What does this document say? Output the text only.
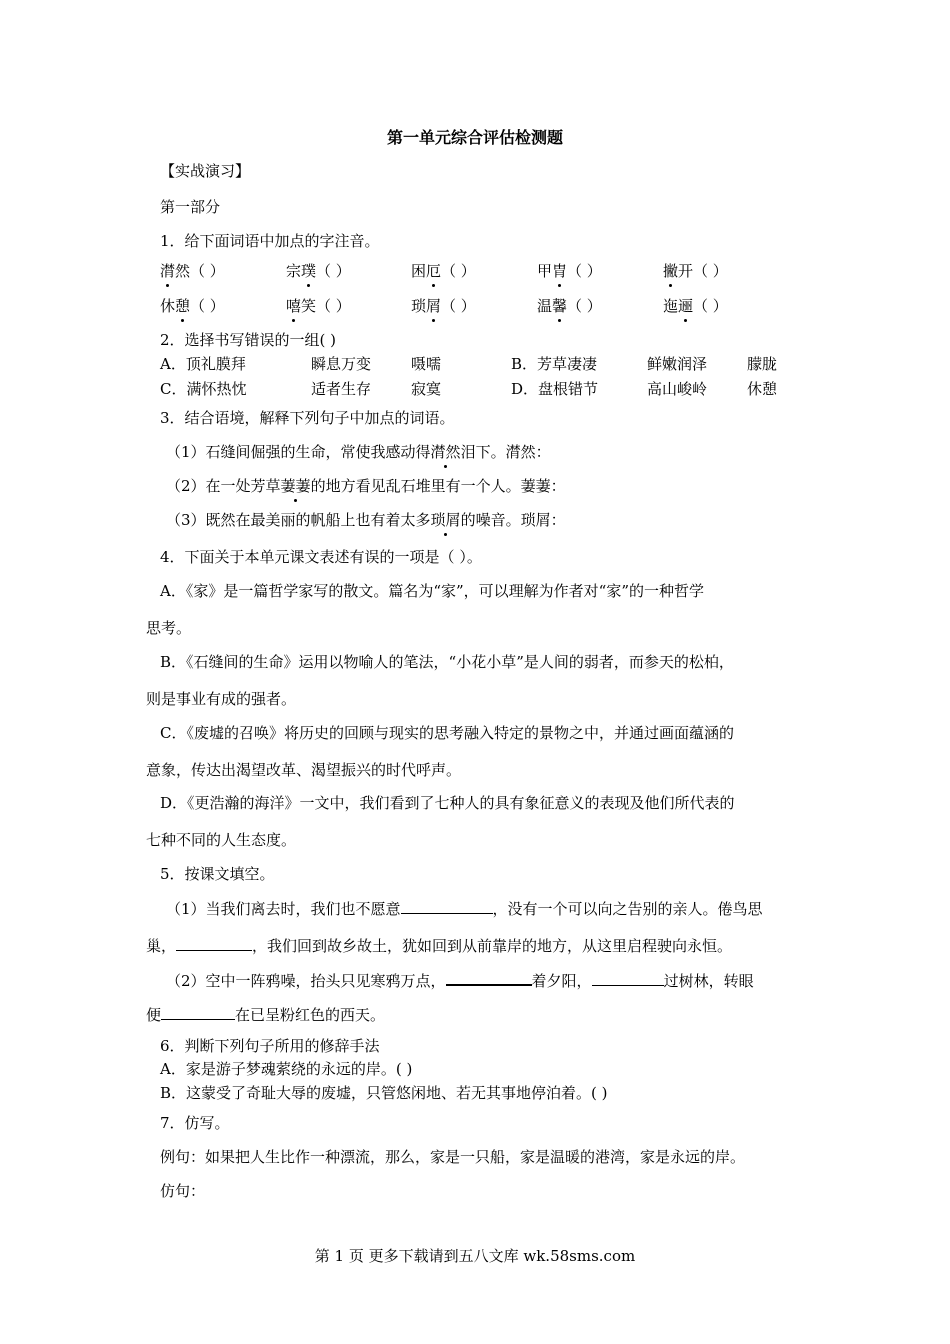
第一单元综合评估检测题
【实战演习】
第一部分
1．给下面词语中加点的字注音。
潸然（ ）	宗璞（ ）	困厄（ ）	甲胄（ ）	撇开（ ）
休憩（ ）	嘻笑（ ）	琐屑（ ）	温馨（ ）	迤逦（ ）
2．选择书写错误的一组( )
A．顶礼膜拜	瞬息万变	嗫嚅	B．芳草凄凄	鲜嫩润泽	朦胧
C．满怀热忱	适者生存	寂寞	D．盘根错节	高山峻岭	休憩
3．结合语境，解释下列句子中加点的词语。
（1）石缝间倔强的生命，常使我感动得潸然泪下。潸然：
（2）在一处芳草萋萋的地方看见乱石堆里有一个人。萋萋：
（3）既然在最美丽的帆船上也有着太多琐屑的噪音。琐屑：
4．下面关于本单元课文表述有误的一项是（ ）。
A．《家》是一篇哲学家写的散文。篇名为“家”，可以理解为作者对“家”的一种哲学
思考。
B．《石缝间的生命》运用以物喻人的笔法，“小花小草”是人间的弱者，而参天的松柏，
则是事业有成的强者。
C．《废墟的召唤》将历史的回顾与现实的思考融入特定的景物之中，并通过画面蕴涵的
意象，传达出渴望改革、渴望振兴的时代呼声。
D．《更浩瀚的海洋》一文中，我们看到了七种人的具有象征意义的表现及他们所代表的
七种不同的人生态度。
5．按课文填空。
（1）当我们离去时，我们也不愿意	，没有一个可以向之告别的亲人。倦鸟思
巢，	，我们回到故乡故土，犹如回到从前靠岸的地方，从这里启程驶向永恒。
（2）空中一阵鸦噪，抬头只见寒鸦万点，	着夕阳，	过树林，转眼
便	在已呈粉红色的西天。
6．判断下列句子所用的修辞手法
A．家是游子梦魂萦绕的永远的岸。( )
B．这蒙受了奇耻大辱的废墟，只管悠闲地、若无其事地停泊着。( )
7．仿写。
例句：如果把人生比作一种漂流，那么，家是一只船，家是温暖的港湾，家是永远的岸。
仿句：
第 1 页 更多下载请到五八文库 wk.58sms.com
